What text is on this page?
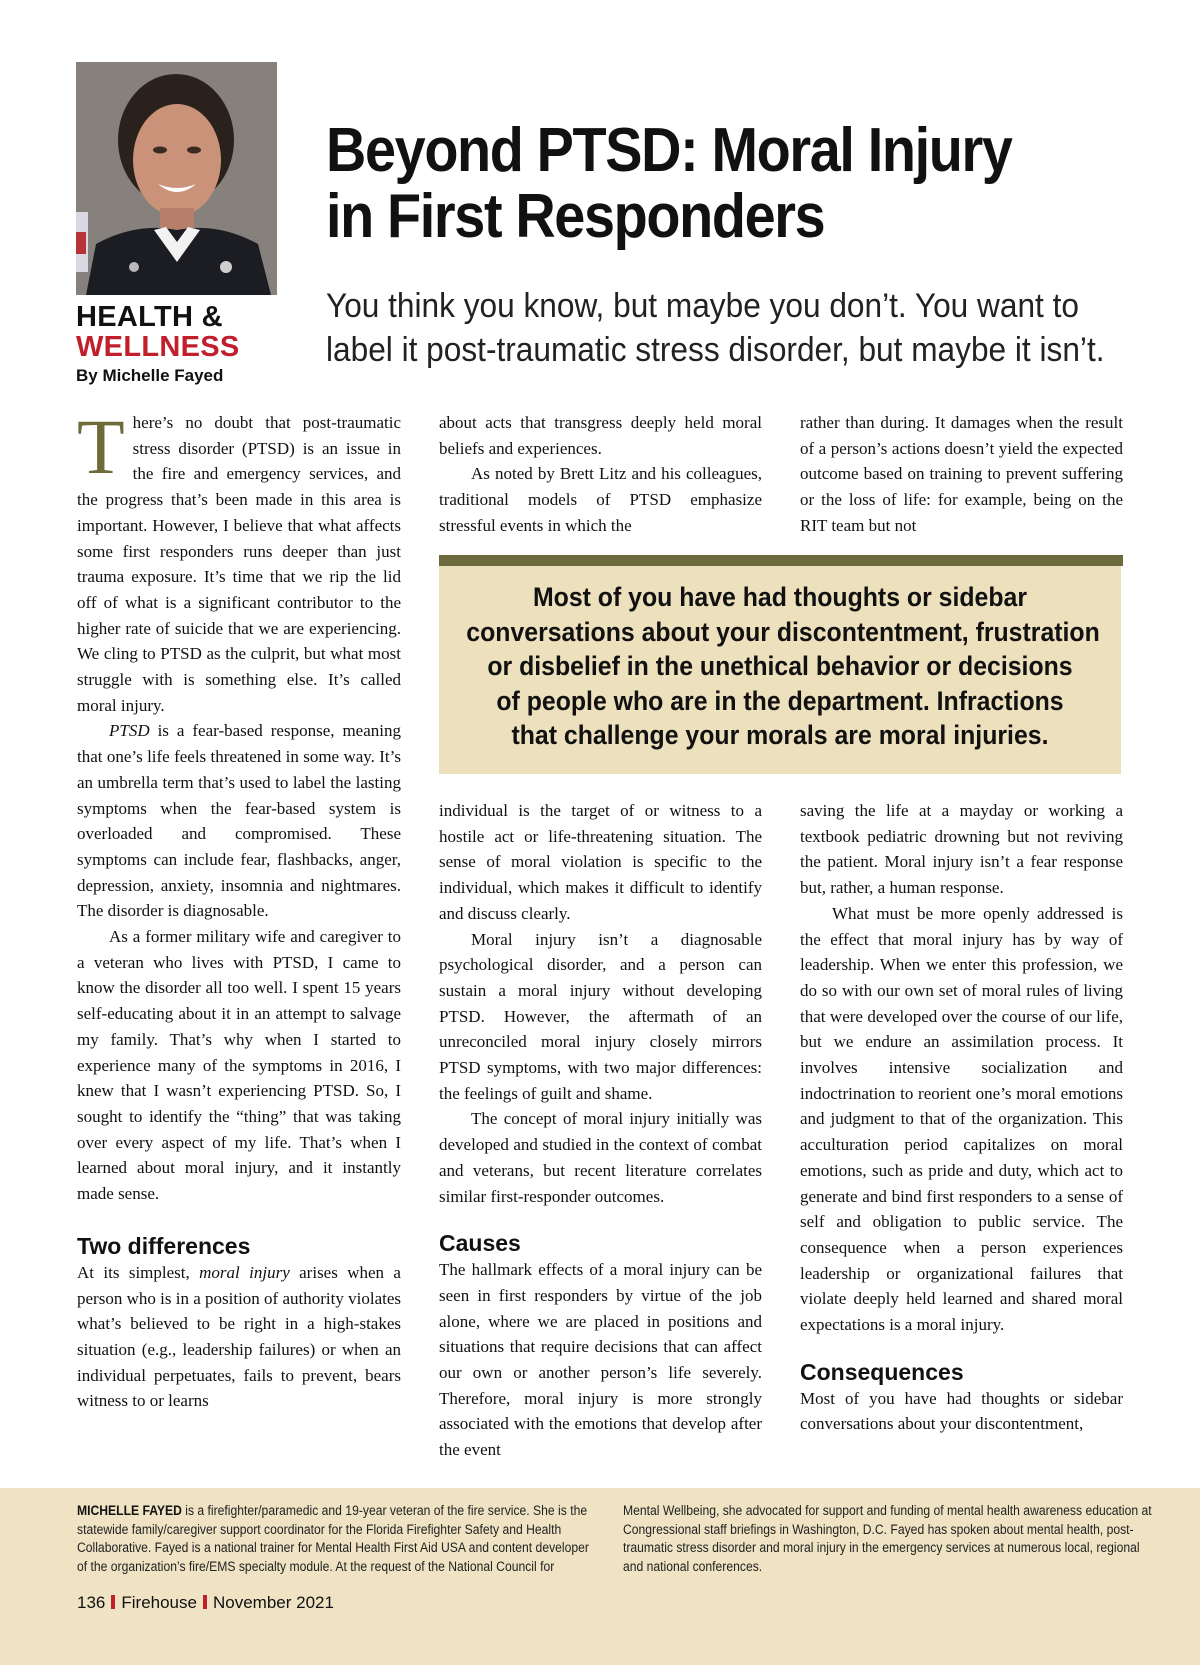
HEALTH &
WELLNESS
By Michelle Fayed
Beyond PTSD: Moral Injury
in First Responders
You think you know, but maybe you don’t. You want to
label it post-traumatic stress disorder, but maybe it isn’t.

There’s no doubt that post-traumatic stress disorder (PTSD) is an issue in the fire and emergency services, and the progress that’s been made in this area is important. However, I believe that what affects some first responders runs deeper than just trauma exposure. It’s time that we rip the lid off of what is a significant contributor to the higher rate of suicide that we are experiencing. We cling to PTSD as the culprit, but what most struggle with is something else. It’s called moral injury.

PTSD is a fear-based response, meaning that one’s life feels threatened in some way. It’s an umbrella term that’s used to label the lasting symptoms when the fear-based system is overloaded and compromised. These symptoms can include fear, flashbacks, anger, depression, anxiety, insomnia and nightmares. The disorder is diagnosable.

As a former military wife and caregiver to a veteran who lives with PTSD, I came to know the disorder all too well. I spent 15 years self-educating about it in an attempt to salvage my family. That’s why when I started to experience many of the symptoms in 2016, I knew that I wasn’t experiencing PTSD. So, I sought to identify the “thing” that was taking over every aspect of my life. That’s when I learned about moral injury, and it instantly made sense.

Two differences

At its simplest, moral injury arises when a person who is in a position of authority violates what’s believed to be right in a high-stakes situation (e.g., leadership failures) or when an individual perpetuates, fails to prevent, bears witness to or learns

about acts that transgress deeply held moral beliefs and experiences.

As noted by Brett Litz and his colleagues, traditional models of PTSD emphasize stressful events in which the

rather than during. It damages when the result of a person’s actions doesn’t yield the expected outcome based on training to prevent suffering or the loss of life: for example, being on the RIT team but not

Most of you have had thoughts or sidebar
conversations about your discontentment, frustration
or disbelief in the unethical behavior or decisions
of people who are in the department. Infractions
that challenge your morals are moral injuries.

individual is the target of or witness to a hostile act or life-threatening situation. The sense of moral violation is specific to the individual, which makes it difficult to identify and discuss clearly.

Moral injury isn’t a diagnosable psychological disorder, and a person can sustain a moral injury without developing PTSD. However, the aftermath of an unreconciled moral injury closely mirrors PTSD symptoms, with two major differences: the feelings of guilt and shame.

The concept of moral injury initially was developed and studied in the context of combat and veterans, but recent literature correlates similar first-responder outcomes.

Causes

The hallmark effects of a moral injury can be seen in first responders by virtue of the job alone, where we are placed in positions and situations that require decisions that can affect our own or another person’s life severely. Therefore, moral injury is more strongly associated with the emotions that develop after the event

saving the life at a mayday or working a textbook pediatric drowning but not reviving the patient. Moral injury isn’t a fear response but, rather, a human response.

What must be more openly addressed is the effect that moral injury has by way of leadership. When we enter this profession, we do so with our own set of moral rules of living that were developed over the course of our life, but we endure an assimilation process. It involves intensive socialization and indoctrination to reorient one’s moral emotions and judgment to that of the organization. This acculturation period capitalizes on moral emotions, such as pride and duty, which act to generate and bind first responders to a sense of self and obligation to public service. The consequence when a person experiences leadership or organizational failures that violate deeply held learned and shared moral expectations is a moral injury.

Consequences

Most of you have had thoughts or sidebar conversations about your discontentment,

MICHELLE FAYED is a firefighter/paramedic and 19-year veteran of the fire service. She is the statewide family/caregiver support coordinator for the Florida Firefighter Safety and Health Collaborative. Fayed is a national trainer for Mental Health First Aid USA and content developer of the organization’s fire/EMS specialty module. At the request of the National Council for
Mental Wellbeing, she advocated for support and funding of mental health awareness education at Congressional staff briefings in Washington, D.C. Fayed has spoken about mental health, post-traumatic stress disorder and moral injury in the emergency services at numerous local, regional and national conferences.
136 Firehouse November 2021
